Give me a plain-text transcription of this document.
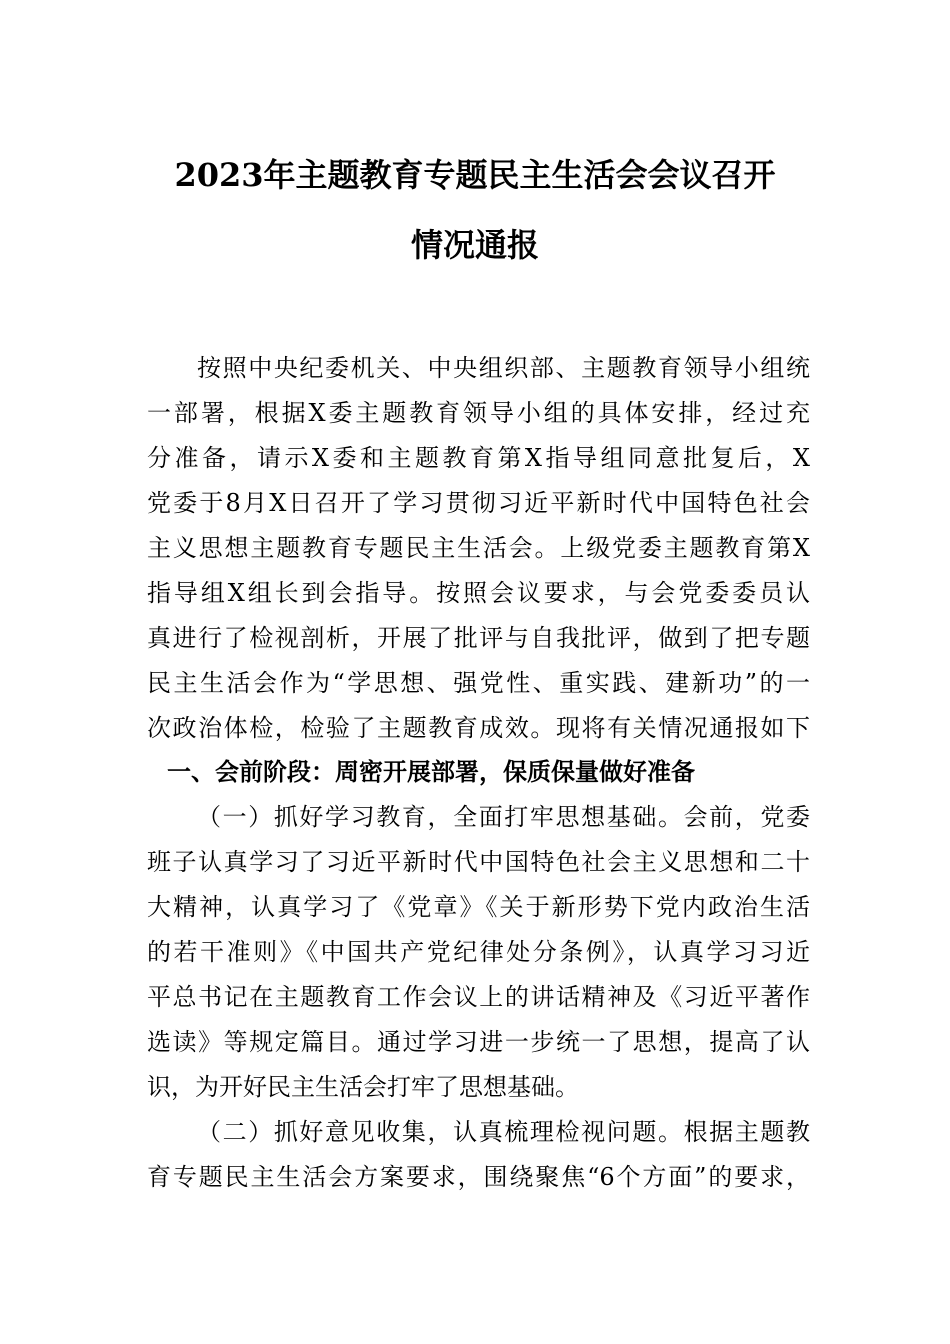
2023年主题教育专题民主生活会会议召开
情况通报
按照中央纪委机关、中央组织部、主题教育领导小组统
一部署，根据X委主题教育领导小组的具体安排，经过充
分准备，请示X委和主题教育第X指导组同意批复后，X
党委于8月X日召开了学习贯彻习近平新时代中国特色社会
主义思想主题教育专题民主生活会。上级党委主题教育第X
指导组X组长到会指导。按照会议要求，与会党委委员认
真进行了检视剖析，开展了批评与自我批评，做到了把专题
民主生活会作为“学思想、强党性、重实践、建新功”的一
次政治体检，检验了主题教育成效。现将有关情况通报如下
一、会前阶段：周密开展部署，保质保量做好准备
（一）抓好学习教育，全面打牢思想基础。会前，党委
班子认真学习了习近平新时代中国特色社会主义思想和二十
大精神，认真学习了《党章》《关于新形势下党内政治生活
的若干准则》《中国共产党纪律处分条例》，认真学习习近
平总书记在主题教育工作会议上的讲话精神及《习近平著作
选读》等规定篇目。通过学习进一步统一了思想，提高了认
识，为开好民主生活会打牢了思想基础。
（二）抓好意见收集，认真梳理检视问题。根据主题教
育专题民主生活会方案要求，围绕聚焦“6个方面”的要求，
